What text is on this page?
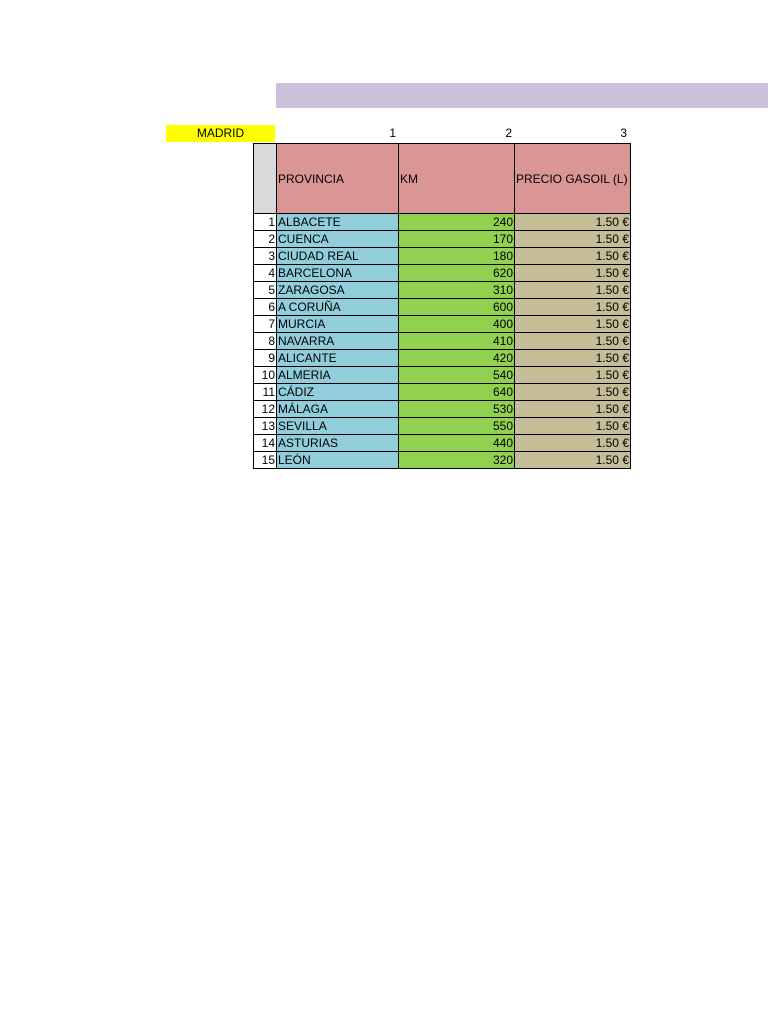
MADRID	1	2	3
	PROVINCIA	KM	PRECIO GASOIL (L)
1	ALBACETE	240	1.50 €
2	CUENCA	170	1.50 €
3	CIUDAD REAL	180	1.50 €
4	BARCELONA	620	1.50 €
5	ZARAGOSA	310	1.50 €
6	A CORUÑA	600	1.50 €
7	MURCIA	400	1.50 €
8	NAVARRA	410	1.50 €
9	ALICANTE	420	1.50 €
10	ALMERIA	540	1.50 €
11	CÁDIZ	640	1.50 €
12	MÁLAGA	530	1.50 €
13	SEVILLA	550	1.50 €
14	ASTURIAS	440	1.50 €
15	LEÓN	320	1.50 €
